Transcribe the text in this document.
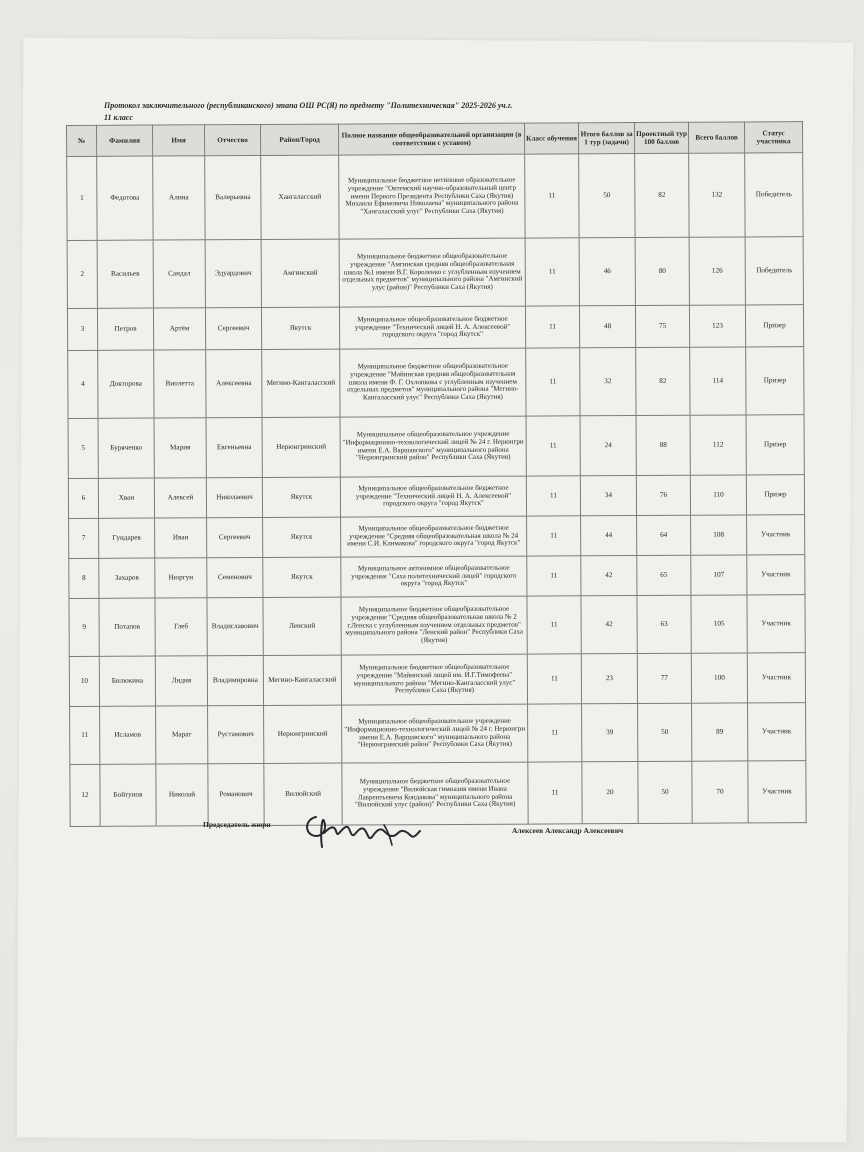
Протокол заключительного (республиканского) этапа ОШ РС(Я) по предмету "Политехническая" 2025-2026 уч.г.
11 класс
№	Фамилия	Имя	Отчество	Район/Город	Полное название общеобразовательной организации (в соответствии с уставом)	Класс обучения	Итого баллов за 1 тур (задачи)	Проектный тур 100 баллов	Всего баллов	Статус участника
1	Федотова	Алина	Валерьевна	Хангаласский	Муниципальное бюджетное нетиповое образовательное учреждение "Октемский научно-образовательный центр имени Первого Президента Республики Саха (Якутия) Михаила Ефимовича Николаева" муниципального района "Хангаласский улус" Республики Саха (Якутия)	11	50	82	132	Победитель
2	Васильев	Сандал	Эдуардович	Амгинский	Муниципальное бюджетное общеобразовательное учреждение "Амгинская средняя общеобразовательная школа №1 имени В.Г. Короленко с углубленным изучением отдельных предметов" муниципального района "Амгинский улус (район)" Республики Саха (Якутия)	11	46	80	126	Победитель
3	Петров	Артём	Сергеевич	Якутск	Муниципальное общеобразовательное бюджетное учреждение "Технический лицей Н. А. Алексеевой" городского округа "город Якутск"	11	48	75	123	Призер
4	Докторова	Виолетта	Алексеевна	Мегино-Кангаласский	Муниципальное бюджетное общеобразовательное учреждение "Майинская средняя общеобразовательная школа имени Ф. Г. Охлопкова с углубленным изучением отдельных предметов" муниципального района "Мегино-Кангаласский улус" Республики Саха (Якутия)	11	32	82	114	Призер
5	Буряченко	Мария	Евгеньевна	Нерюнгринский	Муниципальное общеобразовательное учреждение "Информационно-технологический лицей № 24 г. Нерюнгри имени Е.А. Варшавского" муниципального района "Нерюнгринский район" Республики Саха (Якутия)	11	24	88	112	Призер
6	Хван	Алексей	Николаевич	Якутск	Муниципальное общеобразовательное бюджетное учреждение "Технический лицей Н. А. Алексеевой" городского округа "город Якутск"	11	34	76	110	Призер
7	Гундарев	Иван	Сергеевич	Якутск	Муниципальное общеобразовательное бюджетное учреждение "Средняя общеобразовательная школа № 24 имени С.И. Климакова" городского округа "город Якутск"	11	44	64	108	Участник
8	Захаров	Нюргун	Семенович	Якутск	Муниципальное автономное общеобразовательное учреждение "Саха политехнический лицей" городского округа "город Якутск"	11	42	65	107	Участник
9	Потапов	Глеб	Владиславович	Ленский	Муниципальное бюджетное общеобразовательное учреждение "Средняя общеобразовательная школа № 2 г.Ленска с углубленным изучением отдельных предметов" муниципального района "Ленский район" Республики Саха (Якутия)	11	42	63	105	Участник
10	Билюкина	Лидия	Владимировна	Мегино-Кангаласский	Муниципальное бюджетное общеобразовательное учреждение "Майинский лицей им. И.Г.Тимофеева" муниципального района "Мегино-Кангаласский улус" Республики Саха (Якутия)	11	23	77	100	Участник
11	Исламов	Марат	Рустамович	Нерюнгринский	Муниципальное общеобразовательное учреждение "Информационно-технологический лицей № 24 г. Нерюнгри имени Е.А. Варшавского" муниципального района "Нерюнгринский район" Республики Саха (Якутия)	11	39	50	89	Участник
12	Бойтунов	Николай	Романович	Вилюйский	Муниципальное бюджетное общеобразовательное учреждение "Вилюйская гимназия имени Ивана Лаврентьевича Кондакова" муниципального района "Вилюйский улус (район)" Республики Саха (Якутия)	11	20	50	70	Участник
Председатель жюри
Алексеев Александр Алексеевич
